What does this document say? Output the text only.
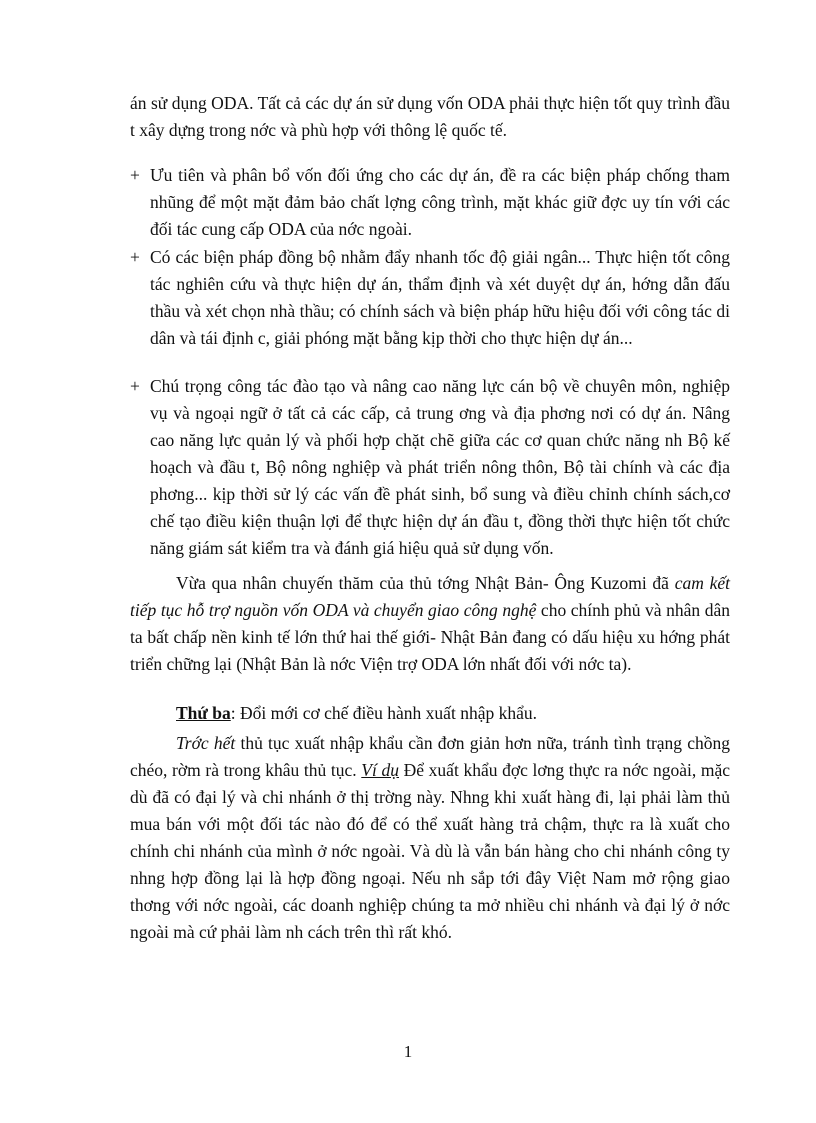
án sử dụng ODA. Tất cả các dự án sử dụng vốn ODA phải thực hiện tốt quy trình đầu t xây dựng trong nớc và phù hợp với thông lệ quốc tế.

+ Ưu tiên và phân bổ vốn đối ứng cho các dự án, đề ra các biện pháp chống tham nhũng để một mặt đảm bảo chất lợng công trình, mặt khác giữ đợc uy tín với các đối tác cung cấp ODA của nớc ngoài.

+ Có các biện pháp đồng bộ nhằm đẩy nhanh tốc độ giải ngân... Thực hiện tốt công tác nghiên cứu và thực hiện dự án, thẩm định và xét duyệt dự án, hớng dẫn đấu thầu và xét chọn nhà thầu; có chính sách và biện pháp hữu hiệu đối với công tác di dân và tái định c, giải phóng mặt bằng kịp thời cho thực hiện dự án...

+ Chú trọng công tác đào tạo và nâng cao năng lực cán bộ về chuyên môn, nghiệp vụ và ngoại ngữ ở tất cả các cấp, cả trung ơng và địa phơng nơi có dự án. Nâng cao năng lực quản lý và phối hợp chặt chẽ giữa các cơ quan chức năng nh Bộ kế hoạch và đầu t, Bộ nông nghiệp và phát triển nông thôn, Bộ tài chính và các địa phơng... kịp thời sử lý các vấn đề phát sinh, bổ sung và điều chỉnh chính sách,cơ chế tạo điều kiện thuận lợi để thực hiện dự án đầu t, đồng thời thực hiện tốt chức năng giám sát kiểm tra và đánh giá hiệu quả sử dụng vốn.

Vừa qua nhân chuyến thăm của thủ tớng Nhật Bản- Ông Kuzomi đã cam kết tiếp tục hỗ trợ nguồn vốn ODA và chuyển giao công nghệ cho chính phủ và nhân dân ta bất chấp nền kinh tế lớn thứ hai thế giới- Nhật Bản đang có dấu hiệu xu hớng phát triển chững lại (Nhật Bản là nớc Viện trợ ODA lớn nhất đối với nớc ta).

Thứ ba: Đổi mới cơ chế điều hành xuất nhập khẩu.

Trớc hết thủ tục xuất nhập khẩu cần đơn giản hơn nữa, tránh tình trạng chồng chéo, rờm rà trong khâu thủ tục. Ví dụ Để xuất khẩu đợc lơng thực ra nớc ngoài, mặc dù đã có đại lý và chi nhánh ở thị trờng này. Nhng khi xuất hàng đi, lại phải làm thủ mua bán với một đối tác nào đó để có thể xuất hàng trả chậm, thực ra là xuất cho chính chi nhánh của mình ở nớc ngoài. Và dù là vẫn bán hàng cho chi nhánh công ty nhng hợp đồng lại là hợp đồng ngoại. Nếu nh sắp tới đây Việt Nam mở rộng giao thơng với nớc ngoài, các doanh nghiệp chúng ta mở nhiều chi nhánh và đại lý ở nớc ngoài mà cứ phải làm nh cách trên thì rất khó.

1
